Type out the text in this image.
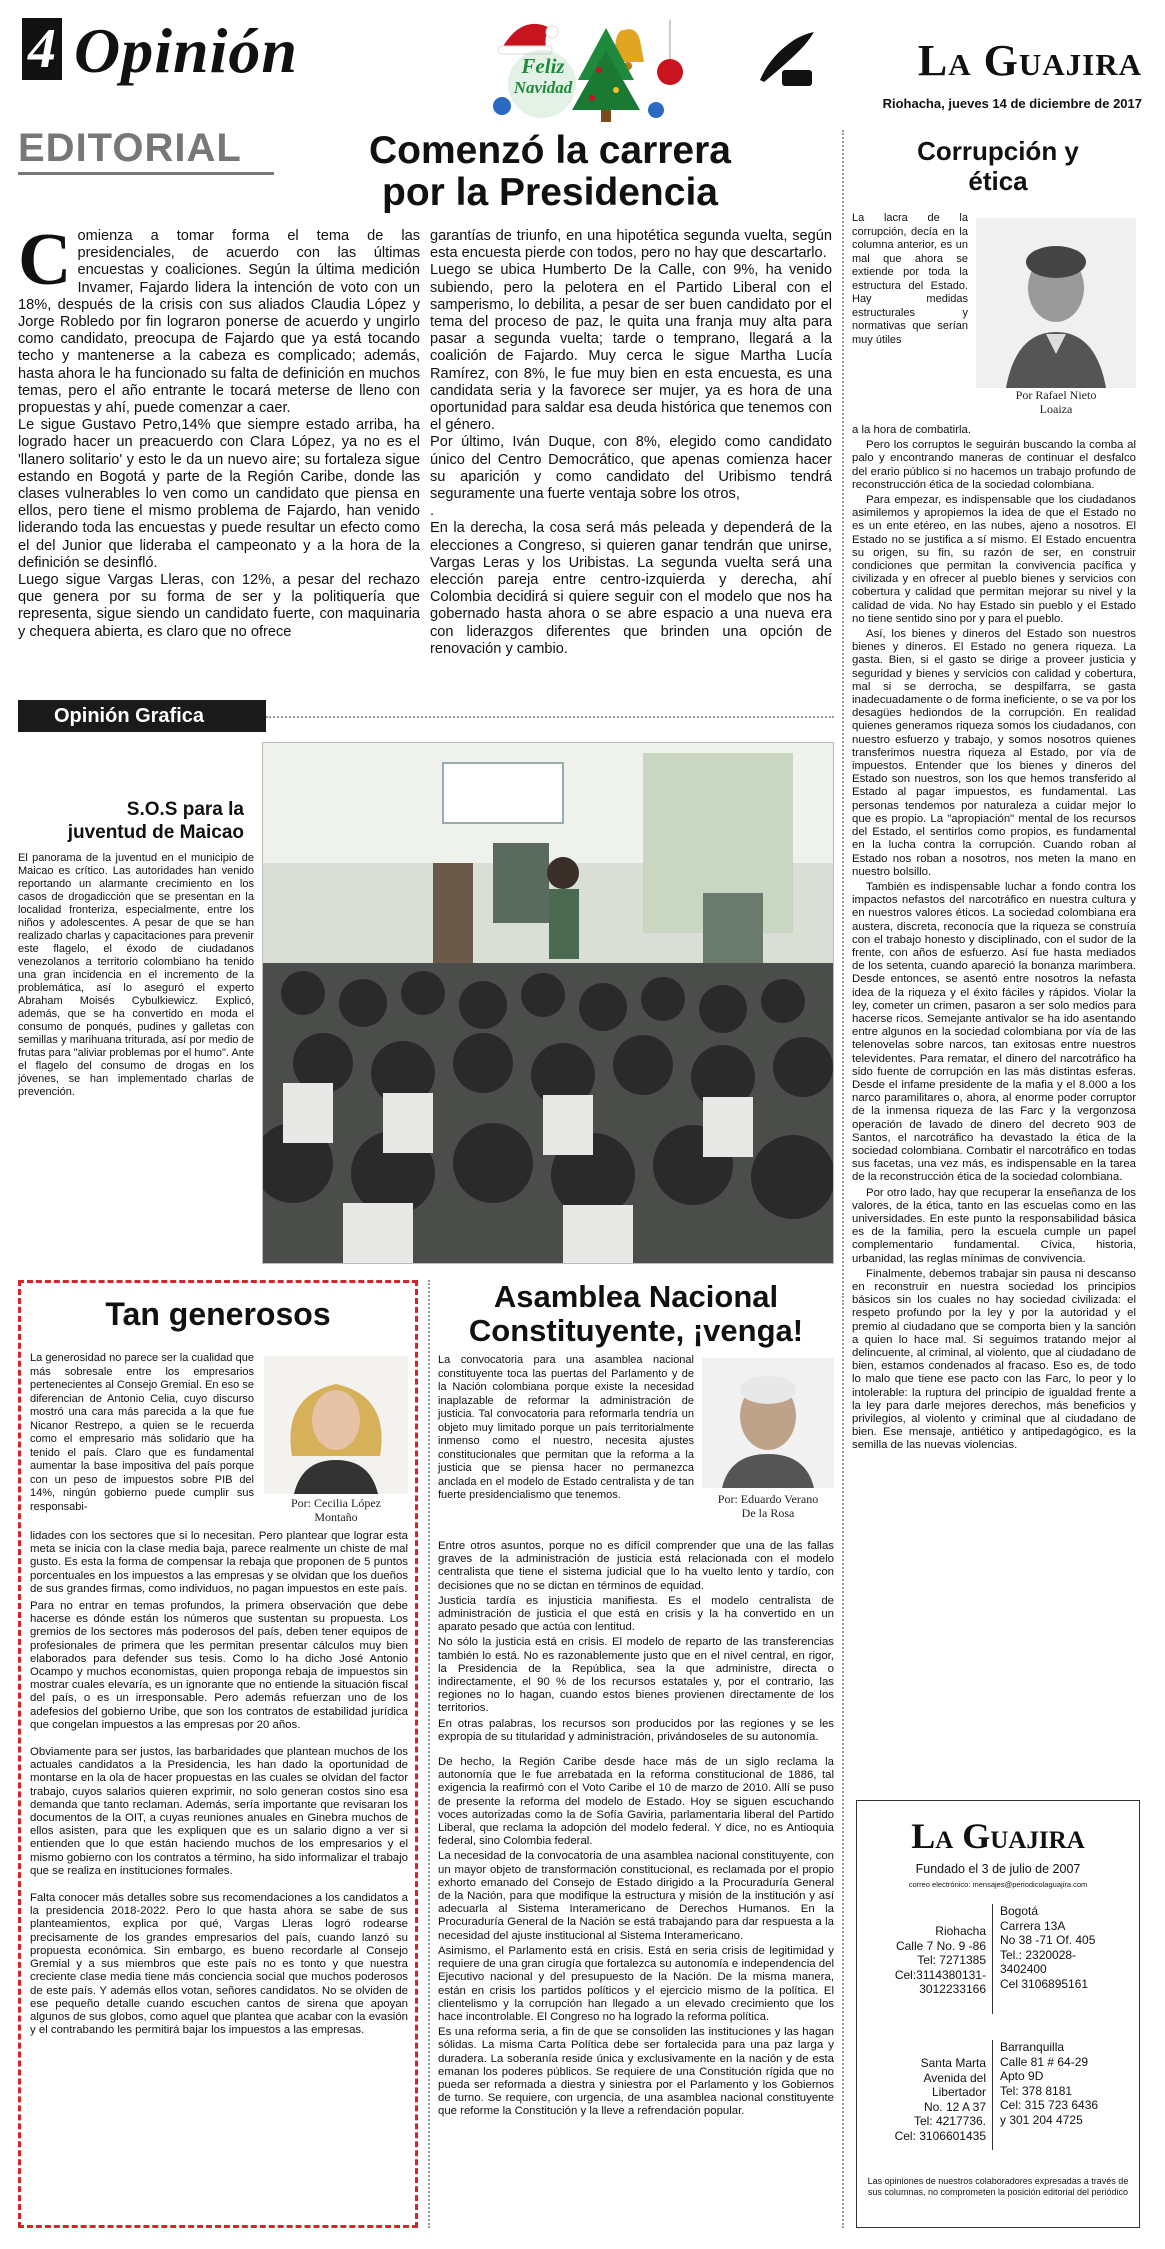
4 Opinión	Feliz
Navidad
La Guajira
Riohacha, jueves 14 de diciembre de 2017
EDITORIAL	Comenzó la carrera
por la Presidencia

Comienza a tomar forma el tema de las presidenciales, de acuerdo con las últimas encuestas y coaliciones. Según la última medición Invamer, Fajardo lidera la intención de voto con un 18%, después de la crisis con sus aliados Claudia López y Jorge Robledo por fin lograron ponerse de acuerdo y ungirlo como candidato, preocupa de Fajardo que ya está tocando techo y mantenerse a la cabeza es complicado; además, hasta ahora le ha funcionado su falta de definición en muchos temas, pero el año entrante le tocará meterse de lleno con propuestas y ahí, puede comenzar a caer.

Le sigue Gustavo Petro,14% que siempre estado arriba, ha logrado hacer un preacuerdo con Clara López, ya no es el 'llanero solitario' y esto le da un nuevo aire; su fortaleza sigue estando en Bogotá y parte de la Región Caribe, donde las clases vulnerables lo ven como un candidato que piensa en ellos, pero tiene el mismo problema de Fajardo, han venido liderando toda las encuestas y puede resultar un efecto como el del Junior que lideraba el campeonato y a la hora de la definición se desinfló.

Luego sigue Vargas Lleras, con 12%, a pesar del rechazo que genera por su forma de ser y la politiquería que representa, sigue siendo un candidato fuerte, con maquinaria y chequera abierta, es claro que no ofrece

garantías de triunfo, en una hipotética segunda vuelta, según esta encuesta pierde con todos, pero no hay que descartarlo.

Luego se ubica Humberto De la Calle, con 9%, ha venido subiendo, pero la pelotera en el Partido Liberal con el samperismo, lo debilita, a pesar de ser buen candidato por el tema del proceso de paz, le quita una franja muy alta para pasar a segunda vuelta; tarde o temprano, llegará a la coalición de Fajardo. Muy cerca le sigue Martha Lucía Ramírez, con 8%, le fue muy bien en esta encuesta, es una candidata seria y la favorece ser mujer, ya es hora de una oportunidad para saldar esa deuda histórica que tenemos con el género.

Por último, Iván Duque, con 8%, elegido como candidato único del Centro Democrático, que apenas comienza hacer su aparición y como candidato del Uribismo tendrá seguramente una fuerte ventaja sobre los otros,

.

En la derecha, la cosa será más peleada y dependerá de la elecciones a Congreso, si quieren ganar tendrán que unirse, Vargas Leras y los Uribistas. La segunda vuelta será una elección pareja entre centro-izquierda y derecha, ahí Colombia decidirá si quiere seguir con el modelo que nos ha gobernado hasta ahora o se abre espacio a una nueva era con liderazgos diferentes que brinden una opción de renovación y cambio.

Opinión Grafica
S.O.S para la
juventud de Maicao

El panorama de la juventud en el municipio de Maicao es crítico. Las autoridades han venido reportando un alarmante crecimiento en los casos de drogadicción que se presentan en la localidad fronteriza, especialmente, entre los niños y adolescentes. A pesar de que se han realizado charlas y capacitaciones para prevenir este flagelo, el éxodo de ciudadanos venezolanos a territorio colombiano ha tenido una gran incidencia en el incremento de la problemática, así lo aseguró el experto Abraham Moisés Cybulkiewicz. Explicó, además, que se ha convertido en moda el consumo de ponqués, pudines y galletas con semillas y marihuana triturada, así por medio de frutas para "aliviar problemas por el humo". Ante el flagelo del consumo de drogas en los jóvenes, se han implementado charlas de prevención.

Corrupción y
ética

La lacra de la corrupción, decía en la columna anterior, es un mal que ahora se extiende por toda la estructura del Estado. Hay medidas estructurales y normativas que serían muy útiles

Por Rafael Nieto
Loaiza

a la hora de combatirla.

Pero los corruptos le seguirán buscando la comba al palo y encontrando maneras de continuar el desfalco del erario público si no hacemos un trabajo profundo de reconstrucción ética de la sociedad colombiana.

Para empezar, es indispensable que los ciudadanos asimilemos y apropiemos la idea de que el Estado no es un ente etéreo, en las nubes, ajeno a nosotros. El Estado no se justifica a sí mismo. El Estado encuentra su origen, su fin, su razón de ser, en construir condiciones que permitan la convivencia pacífica y civilizada y en ofrecer al pueblo bienes y servicios con cobertura y calidad que permitan mejorar su nivel y la calidad de vida. No hay Estado sin pueblo y el Estado no tiene sentido sino por y para el pueblo.

Así, los bienes y dineros del Estado son nuestros bienes y dineros. El Estado no genera riqueza. La gasta. Bien, si el gasto se dirige a proveer justicia y seguridad y bienes y servicios con calidad y cobertura, mal si se derrocha, se despilfarra, se gasta inadecuadamente o de forma ineficiente, o se va por los desagües hediondos de la corrupción. En realidad quienes generamos riqueza somos los ciudadanos, con nuestro esfuerzo y trabajo, y somos nosotros quienes transferimos nuestra riqueza al Estado, por vía de impuestos. Entender que los bienes y dineros del Estado son nuestros, son los que hemos transferido al Estado al pagar impuestos, es fundamental. Las personas tendemos por naturaleza a cuidar mejor lo que es propio. La "apropiación" mental de los recursos del Estado, el sentirlos como propios, es fundamental en la lucha contra la corrupción. Cuando roban al Estado nos roban a nosotros, nos meten la mano en nuestro bolsillo.

También es indispensable luchar a fondo contra los impactos nefastos del narcotráfico en nuestra cultura y en nuestros valores éticos. La sociedad colombiana era austera, discreta, reconocía que la riqueza se construía con el trabajo honesto y disciplinado, con el sudor de la frente, con años de esfuerzo. Así fue hasta mediados de los setenta, cuando apareció la bonanza marimbera. Desde entonces, se asentó entre nosotros la nefasta idea de la riqueza y el éxito fáciles y rápidos. Violar la ley, cometer un crimen, pasaron a ser solo medios para hacerse ricos. Semejante antivalor se ha ido asentando entre algunos en la sociedad colombiana por vía de las telenovelas sobre narcos, tan exitosas entre nuestros televidentes. Para rematar, el dinero del narcotráfico ha sido fuente de corrupción en las más distintas esferas. Desde el infame presidente de la mafia y el 8.000 a los narco paramilitares o, ahora, al enorme poder corruptor de la inmensa riqueza de las Farc y la vergonzosa operación de lavado de dinero del decreto 903 de Santos, el narcotráfico ha devastado la ética de la sociedad colombiana. Combatir el narcotráfico en todas sus facetas, una vez más, es indispensable en la tarea de la reconstrucción ética de la sociedad colombiana.

Por otro lado, hay que recuperar la enseñanza de los valores, de la ética, tanto en las escuelas como en las universidades. En este punto la responsabilidad básica es de la familia, pero la escuela cumple un papel complementario fundamental. Cívica, historia, urbanidad, las reglas mínimas de convivencia.

Finalmente, debemos trabajar sin pausa ni descanso en reconstruir en nuestra sociedad los principios básicos sin los cuales no hay sociedad civilizada: el respeto profundo por la ley y por la autoridad y el premio al ciudadano que se comporta bien y la sanción a quien lo hace mal. Si seguimos tratando mejor al delincuente, al criminal, al violento, que al ciudadano de bien, estamos condenados al fracaso. Eso es, de todo lo malo que tiene ese pacto con las Farc, lo peor y lo intolerable: la ruptura del principio de igualdad frente a la ley para darle mejores derechos, más beneficios y privilegios, al violento y criminal que al ciudadano de bien. Ese mensaje, antiético y antipedagógico, es la semilla de las nuevas violencias.

Tan generosos

La generosidad no parece ser la cualidad que más sobresale entre los empresarios pertenecientes al Consejo Gremial. En eso se diferencian de Antonio Celia, cuyo discurso mostró una cara más parecida a la que fue Nicanor Restrepo, a quien se le recuerda como el empresario más solidario que ha tenido el país. Claro que es fundamental aumentar la base impositiva del país porque con un peso de impuestos sobre PIB del 14%, ningún gobierno puede cumplir sus responsabi-	Por: Cecilia López
Montaño

lidades con los sectores que si lo necesitan. Pero plantear que lograr esta meta se inicia con la clase media baja, parece realmente un chiste de mal gusto. Es esta la forma de compensar la rebaja que proponen de 5 puntos porcentuales en los impuestos a las empresas y se olvidan que los dueños de sus grandes firmas, como individuos, no pagan impuestos en este país.

Para no entrar en temas profundos, la primera observación que debe hacerse es dónde están los números que sustentan su propuesta. Los gremios de los sectores más poderosos del país, deben tener equipos de profesionales de primera que les permitan presentar cálculos muy bien elaborados para defender sus tesis. Como lo ha dicho José Antonio Ocampo y muchos economistas, quien proponga rebaja de impuestos sin mostrar cuales elevaría, es un ignorante que no entiende la situación fiscal del país, o es un irresponsable. Pero además refuerzan uno de los adefesios del gobierno Uribe, que son los contratos de estabilidad jurídica que congelan impuestos a las empresas por 20 años.

Obviamente para ser justos, las barbaridades que plantean muchos de los actuales candidatos a la Presidencia, les han dado la oportunidad de montarse en la ola de hacer propuestas en las cuales se olvidan del factor trabajo, cuyos salarios quieren exprimir, no solo generan costos sino esa demanda que tanto reclaman. Además, sería importante que revisaran los documentos de la OIT, a cuyas reuniones anuales en Ginebra muchos de ellos asisten, para que les expliquen que es un salario digno a ver si entienden que lo que están haciendo muchos de los empresarios y el mismo gobierno con los contratos a término, ha sido informalizar el trabajo que se realiza en instituciones formales.

Falta conocer más detalles sobre sus recomendaciones a los candidatos a la presidencia 2018-2022. Pero lo que hasta ahora se sabe de sus planteamientos, explica por qué, Vargas Lleras logró rodearse precisamente de los grandes empresarios del país, cuando lanzó su propuesta económica. Sin embargo, es bueno recordarle al Consejo Gremial y a sus miembros que este país no es tonto y que nuestra creciente clase media tiene más conciencia social que muchos poderosos de este país. Y además ellos votan, señores candidatos. No se olviden de ese pequeño detalle cuando escuchen cantos de sirena que apoyan algunos de sus globos, como aquel que plantea que acabar con la evasión y el contrabando les permitirá bajar los impuestos a las empresas.

Asamblea Nacional
Constituyente, ¡venga!

La convocatoria para una asamblea nacional constituyente toca las puertas del Parlamento y de la Nación colombiana porque existe la necesidad inaplazable de reformar la administración de justicia. Tal convocatoria para reformarla tendría un objeto muy limitado porque un país territorialmente inmenso como el nuestro, necesita ajustes constitucionales que permitan que la reforma a la justicia que se piensa hacer no permanezca anclada en el modelo de Estado centralista y de tan fuerte presidencialismo que tenemos.	Por: Eduardo Verano
De la Rosa

Entre otros asuntos, porque no es difícil comprender que una de las fallas graves de la administración de justicia está relacionada con el modelo centralista que tiene el sistema judicial que lo ha vuelto lento y tardío, con decisiones que no se dictan en términos de equidad.

Justicia tardía es injusticia manifiesta. Es el modelo centralista de administración de justicia el que está en crisis y la ha convertido en un aparato pesado que actúa con lentitud.

No sólo la justicia está en crisis. El modelo de reparto de las transferencias también lo está. No es razonablemente justo que en el nivel central, en rigor, la Presidencia de la República, sea la que administre, directa o indirectamente, el 90 % de los recursos estatales y, por el contrario, las regiones no lo hagan, cuando estos bienes provienen directamente de los territorios.

En otras palabras, los recursos son producidos por las regiones y se les expropia de su titularidad y administración, privándoseles de su autonomía.

De hecho, la Región Caribe desde hace más de un siglo reclama la autonomía que le fue arrebatada en la reforma constitucional de 1886, tal exigencia la reafirmó con el Voto Caribe el 10 de marzo de 2010. Allí se puso de presente la reforma del modelo de Estado. Hoy se siguen escuchando voces autorizadas como la de Sofía Gaviria, parlamentaria liberal del Partido Liberal, que reclama la adopción del modelo federal. Y dice, no es Antioquia federal, sino Colombia federal.

La necesidad de la convocatoria de una asamblea nacional constituyente, con un mayor objeto de transformación constitucional, es reclamada por el propio exhorto emanado del Consejo de Estado dirigido a la Procuraduría General de la Nación, para que modifique la estructura y misión de la institución y así adecuarla al Sistema Interamericano de Derechos Humanos. En la Procuraduría General de la Nación se está trabajando para dar respuesta a la necesidad del ajuste institucional al Sistema Interamericano.

Asimismo, el Parlamento está en crisis. Está en seria crisis de legitimidad y requiere de una gran cirugía que fortalezca su autonomía e independencia del Ejecutivo nacional y del presupuesto de la Nación. De la misma manera, están en crisis los partidos políticos y el ejercicio mismo de la política. El clientelismo y la corrupción han llegado a un elevado crecimiento que los hace incontrolable. El Congreso no ha logrado la reforma política.

Es una reforma seria, a fin de que se consoliden las instituciones y las hagan sólidas. La misma Carta Política debe ser fortalecida para una paz larga y duradera. La soberanía reside única y exclusivamente en la nación y de esta emanan los poderes públicos. Se requiere de una Constitución rígida que no pueda ser reformada a diestra y siniestra por el Parlamento y los Gobiernos de turno. Se requiere, con urgencia, de una asamblea nacional constituyente que reforme la Constitución y la lleve a refrendación popular.

La Guajira
Fundado el 3 de julio de 2007
correo electrónico: mensajes@periodicolaguajira.com
Riohacha
Calle 7 No. 9 -86
Tel: 7271385
Cel:3114380131-
3012233166
Bogotá
Carrera 13A
No 38 -71 Of. 405
Tel.: 2320028-
3402400
Cel 3106895161
Santa Marta
Avenida del
Libertador
No. 12 A 37
Tel: 4217736.
Cel: 3106601435
Barranquilla
Calle 81 # 64-29
Apto 9D
Tel: 378 8181
Cel: 315 723 6436
y 301 204 4725
Las opiniones de nuestros colaboradores expresadas a través de sus columnas, no comprometen la posición editorial del periódico
